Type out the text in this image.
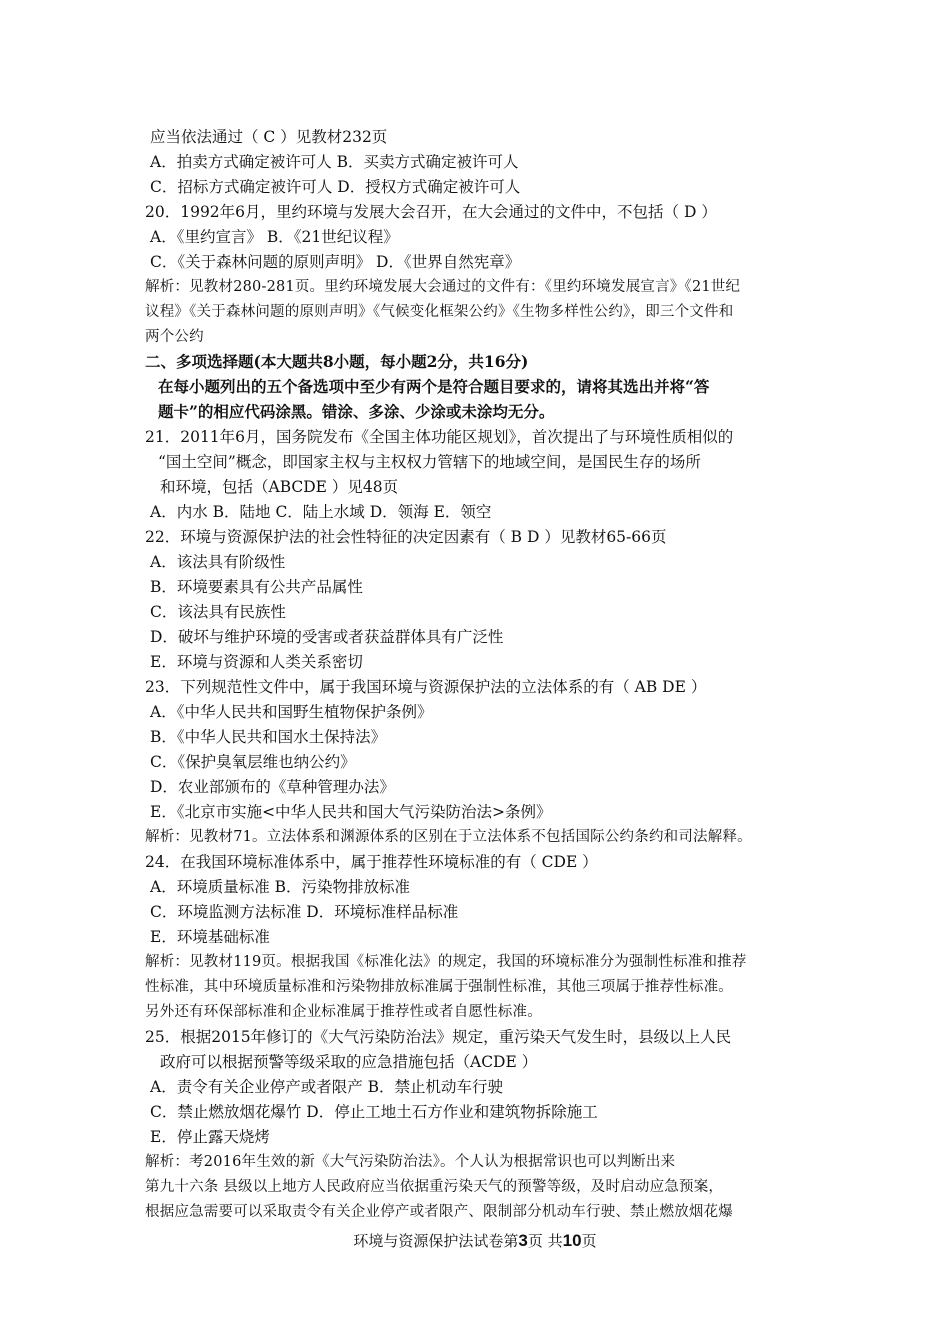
应当依法通过（ C ）见教材232页
A．拍卖方式确定被许可人 B．买卖方式确定被许可人
C．招标方式确定被许可人 D．授权方式确定被许可人
20．1992年6月，里约环境与发展大会召开，在大会通过的文件中，不包括（ D ）
A．《里约宣言》 B．《21世纪议程》
C．《关于森林问题的原则声明》 D．《世界自然宪章》
解析：见教材280-281页。里约环境发展大会通过的文件有：《里约环境发展宣言》《21世纪
议程》《关于森林问题的原则声明》《气候变化框架公约》《生物多样性公约》，即三个文件和
两个公约
二、多项选择题(本大题共8小题，每小题2分，共16分)
在每小题列出的五个备选项中至少有两个是符合题目要求的，请将其选出并将“答
题卡”的相应代码涂黑。错涂、多涂、少涂或未涂均无分。
21．2011年6月，国务院发布《全国主体功能区规划》，首次提出了与环境性质相似的
“国土空间”概念，即国家主权与主权权力管辖下的地域空间，是国民生存的场所
和环境，包括（ABCDE ）见48页
A．内水 B．陆地 C．陆上水域 D．领海 E．领空
22．环境与资源保护法的社会性特征的决定因素有（ B D ）见教材65-66页
A．该法具有阶级性
B．环境要素具有公共产品属性
C．该法具有民族性
D．破坏与维护环境的受害或者获益群体具有广泛性
E．环境与资源和人类关系密切
23．下列规范性文件中，属于我国环境与资源保护法的立法体系的有（ AB DE ）
A．《中华人民共和国野生植物保护条例》
B．《中华人民共和国水土保持法》
C．《保护臭氧层维也纳公约》
D．农业部颁布的《草种管理办法》
E．《北京市实施<中华人民共和国大气污染防治法>条例》
解析：见教材71。立法体系和渊源体系的区别在于立法体系不包括国际公约条约和司法解释。
24．在我国环境标准体系中，属于推荐性环境标准的有（ CDE ）
A．环境质量标准 B．污染物排放标准
C．环境监测方法标准 D．环境标准样品标准
E．环境基础标准
解析：见教材119页。根据我国《标准化法》的规定，我国的环境标准分为强制性标准和推荐
性标准，其中环境质量标准和污染物排放标准属于强制性标准，其他三项属于推荐性标准。
另外还有环保部标准和企业标准属于推荐性或者自愿性标准。
25．根据2015年修订的《大气污染防治法》规定，重污染天气发生时，县级以上人民
政府可以根据预警等级采取的应急措施包括（ACDE ）
A．责令有关企业停产或者限产 B．禁止机动车行驶
C．禁止燃放烟花爆竹 D．停止工地土石方作业和建筑物拆除施工
E．停止露天烧烤
解析：考2016年生效的新《大气污染防治法》。个人认为根据常识也可以判断出来
第九十六条 县级以上地方人民政府应当依据重污染天气的预警等级，及时启动应急预案，
根据应急需要可以采取责令有关企业停产或者限产、限制部分机动车行驶、禁止燃放烟花爆
环境与资源保护法试卷第3页 共10页
